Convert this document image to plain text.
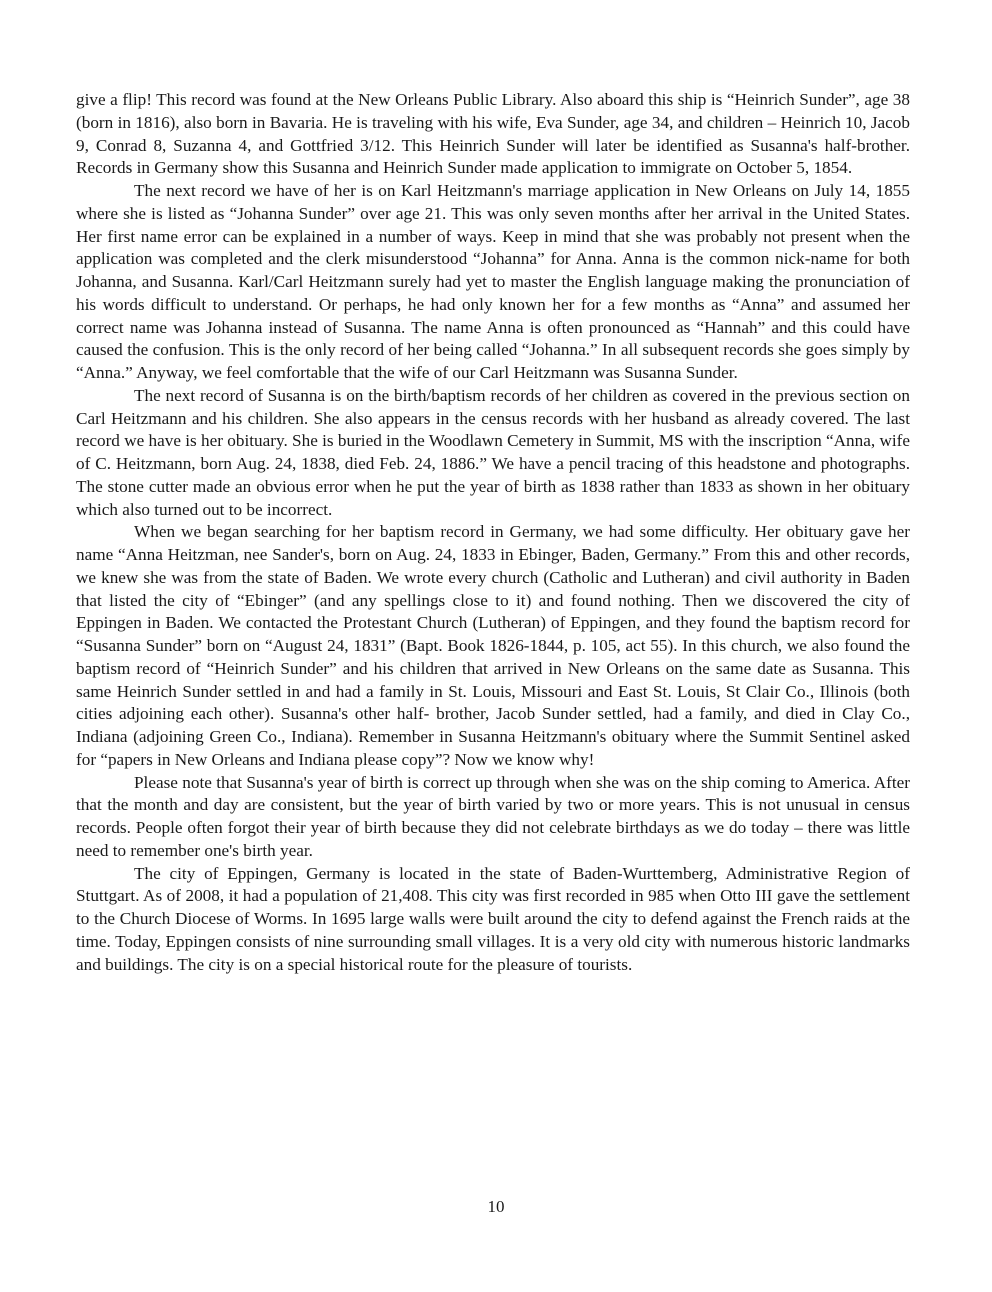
give a flip! This record was found at the New Orleans Public Library. Also aboard this ship is “Heinrich Sunder”, age 38 (born in 1816), also born in Bavaria. He is traveling with his wife, Eva Sunder, age 34, and children – Heinrich 10, Jacob 9, Conrad 8, Suzanna 4, and Gottfried 3/12. This Heinrich Sunder will later be identified as Susanna's half-brother. Records in Germany show this Susanna and Heinrich Sunder made application to immigrate on October 5, 1854.

The next record we have of her is on Karl Heitzmann's marriage application in New Orleans on July 14, 1855 where she is listed as “Johanna Sunder” over age 21. This was only seven months after her arrival in the United States. Her first name error can be explained in a number of ways. Keep in mind that she was probably not present when the application was completed and the clerk misunderstood “Johanna” for Anna. Anna is the common nick-name for both Johanna, and Susanna. Karl/Carl Heitzmann surely had yet to master the English language making the pronunciation of his words difficult to understand. Or perhaps, he had only known her for a few months as “Anna” and assumed her correct name was Johanna instead of Susanna. The name Anna is often pronounced as “Hannah” and this could have caused the confusion. This is the only record of her being called “Johanna.” In all subsequent records she goes simply by “Anna.” Anyway, we feel comfortable that the wife of our Carl Heitzmann was Susanna Sunder.

The next record of Susanna is on the birth/baptism records of her children as covered in the previous section on Carl Heitzmann and his children. She also appears in the census records with her husband as already covered. The last record we have is her obituary. She is buried in the Woodlawn Cemetery in Summit, MS with the inscription “Anna, wife of C. Heitzmann, born Aug. 24, 1838, died Feb. 24, 1886.” We have a pencil tracing of this headstone and photographs. The stone cutter made an obvious error when he put the year of birth as 1838 rather than 1833 as shown in her obituary which also turned out to be incorrect.

When we began searching for her baptism record in Germany, we had some difficulty. Her obituary gave her name “Anna Heitzman, nee Sander's, born on Aug. 24, 1833 in Ebinger, Baden, Germany.” From this and other records, we knew she was from the state of Baden. We wrote every church (Catholic and Lutheran) and civil authority in Baden that listed the city of “Ebinger” (and any spellings close to it) and found nothing. Then we discovered the city of Eppingen in Baden. We contacted the Protestant Church (Lutheran) of Eppingen, and they found the baptism record for “Susanna Sunder” born on “August 24, 1831” (Bapt. Book 1826-1844, p. 105, act 55). In this church, we also found the baptism record of “Heinrich Sunder” and his children that arrived in New Orleans on the same date as Susanna. This same Heinrich Sunder settled in and had a family in St. Louis, Missouri and East St. Louis, St Clair Co., Illinois (both cities adjoining each other). Susanna's other half- brother, Jacob Sunder settled, had a family, and died in Clay Co., Indiana (adjoining Green Co., Indiana). Remember in Susanna Heitzmann's obituary where the Summit Sentinel asked for “papers in New Orleans and Indiana please copy”? Now we know why!

Please note that Susanna's year of birth is correct up through when she was on the ship coming to America. After that the month and day are consistent, but the year of birth varied by two or more years. This is not unusual in census records. People often forgot their year of birth because they did not celebrate birthdays as we do today – there was little need to remember one's birth year.

The city of Eppingen, Germany is located in the state of Baden-Wurttemberg, Administrative Region of Stuttgart. As of 2008, it had a population of 21,408. This city was first recorded in 985 when Otto III gave the settlement to the Church Diocese of Worms. In 1695 large walls were built around the city to defend against the French raids at the time. Today, Eppingen consists of nine surrounding small villages. It is a very old city with numerous historic landmarks and buildings. The city is on a special historical route for the pleasure of tourists.

10
